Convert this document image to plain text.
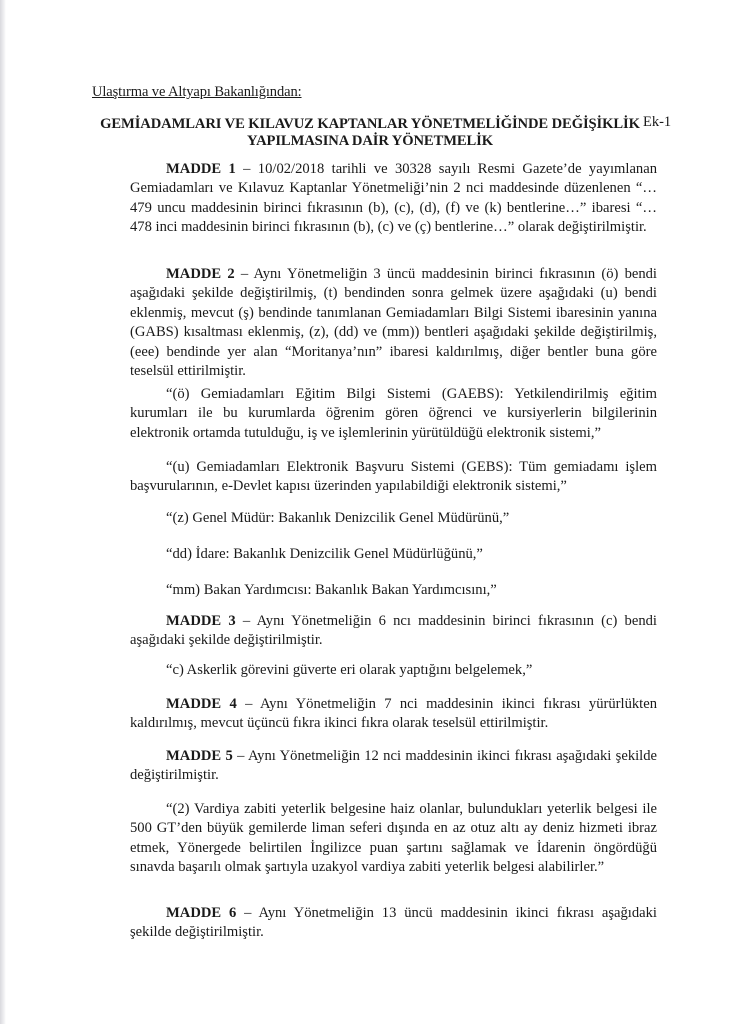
Ulaştırma ve Altyapı Bakanlığından:
GEMİADAMLARI VE KILAVUZ KAPTANLAR YÖNETMELİĞİNDE DEĞİŞİKLİK
YAPILMASINA DAİR YÖNETMELİK
Ek-1

MADDE 1 – 10/02/2018 tarihli ve 30328 sayılı Resmi Gazete’de yayımlanan Gemiadamları ve Kılavuz Kaptanlar Yönetmeliği’nin 2 nci maddesinde düzenlenen “… 479 uncu maddesinin birinci fıkrasının (b), (c), (d), (f) ve (k) bentlerine…” ibaresi “… 478 inci maddesinin birinci fıkrasının (b), (c) ve (ç) bentlerine…” olarak değiştirilmiştir.

MADDE 2 – Aynı Yönetmeliğin 3 üncü maddesinin birinci fıkrasının (ö) bendi aşağıdaki şekilde değiştirilmiş, (t) bendinden sonra gelmek üzere aşağıdaki (u) bendi eklenmiş, mevcut (ş) bendinde tanımlanan Gemiadamları Bilgi Sistemi ibaresinin yanına (GABS) kısaltması eklenmiş, (z), (dd) ve (mm)) bentleri aşağıdaki şekilde değiştirilmiş, (eee) bendinde yer alan “Moritanya’nın” ibaresi kaldırılmış, diğer bentler buna göre teselsül ettirilmiştir.

“(ö) Gemiadamları Eğitim Bilgi Sistemi (GAEBS): Yetkilendirilmiş eğitim kurumları ile bu kurumlarda öğrenim gören öğrenci ve kursiyerlerin bilgilerinin elektronik ortamda tutulduğu, iş ve işlemlerinin yürütüldüğü elektronik sistemi,”

“(u) Gemiadamları Elektronik Başvuru Sistemi (GEBS): Tüm gemiadamı işlem başvurularının, e-Devlet kapısı üzerinden yapılabildiği elektronik sistemi,”

“(z) Genel Müdür: Bakanlık Denizcilik Genel Müdürünü,”
“dd) İdare: Bakanlık Denizcilik Genel Müdürlüğünü,”
“mm) Bakan Yardımcısı: Bakanlık Bakan Yardımcısını,”

MADDE 3 – Aynı Yönetmeliğin 6 ncı maddesinin birinci fıkrasının (c) bendi aşağıdaki şekilde değiştirilmiştir.

“c) Askerlik görevini güverte eri olarak yaptığını belgelemek,”

MADDE 4 – Aynı Yönetmeliğin 7 nci maddesinin ikinci fıkrası yürürlükten kaldırılmış, mevcut üçüncü fıkra ikinci fıkra olarak teselsül ettirilmiştir.

MADDE 5 – Aynı Yönetmeliğin 12 nci maddesinin ikinci fıkrası aşağıdaki şekilde değiştirilmiştir.

“(2) Vardiya zabiti yeterlik belgesine haiz olanlar, bulundukları yeterlik belgesi ile 500 GT’den büyük gemilerde liman seferi dışında en az otuz altı ay deniz hizmeti ibraz etmek, Yönergede belirtilen İngilizce puan şartını sağlamak ve İdarenin öngördüğü sınavda başarılı olmak şartıyla uzakyol vardiya zabiti yeterlik belgesi alabilirler.”

MADDE 6 – Aynı Yönetmeliğin 13 üncü maddesinin ikinci fıkrası aşağıdaki şekilde değiştirilmiştir.
